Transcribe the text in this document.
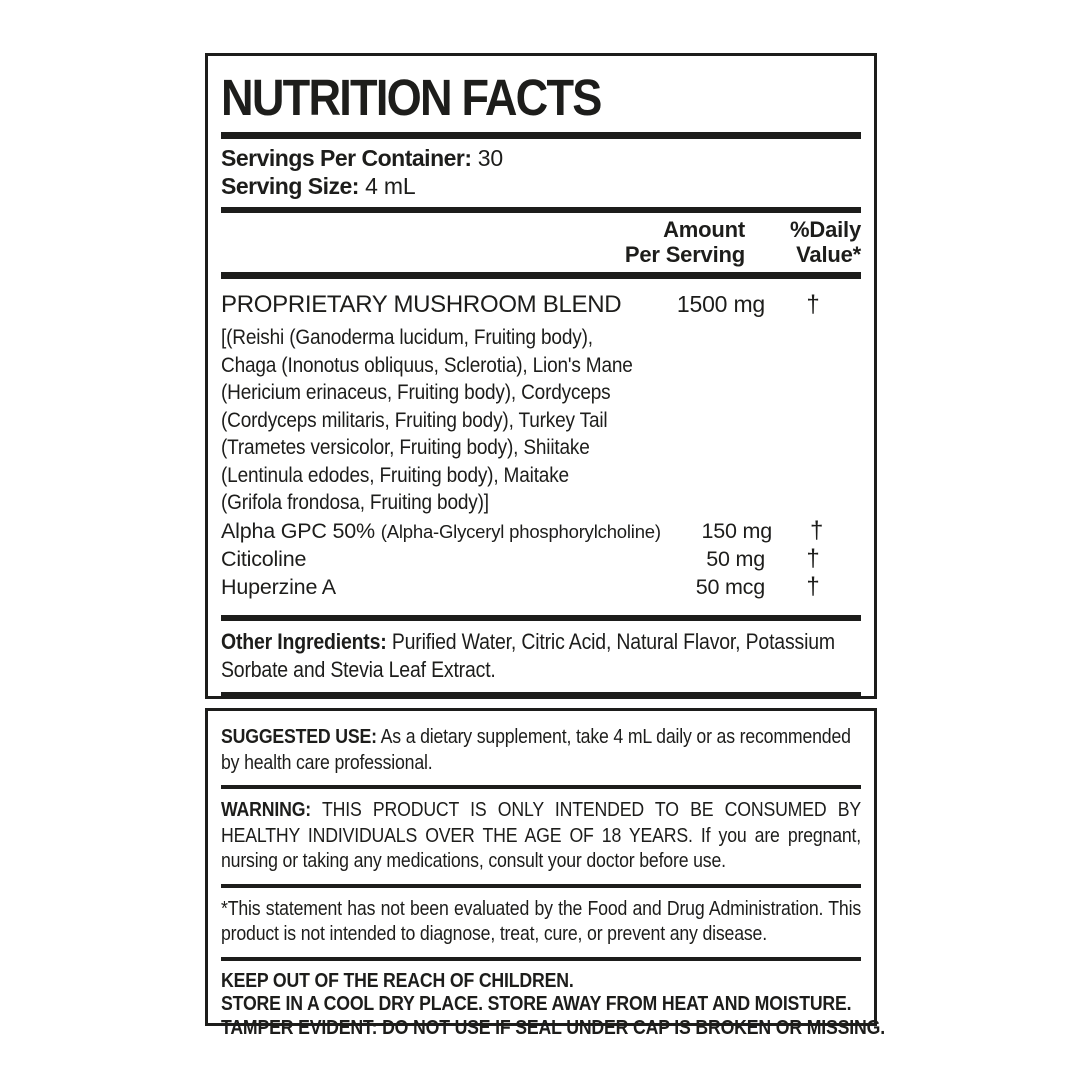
NUTRITION FACTS
Servings Per Container: 30
Serving Size: 4 mL
Amount
Per Serving
%Daily
Value*
PROPRIETARY MUSHROOM BLEND	1500 mg	†
[(Reishi (Ganoderma lucidum, Fruiting body),
Chaga (Inonotus obliquus, Sclerotia), Lion's Mane
(Hericium erinaceus, Fruiting body), Cordyceps
(Cordyceps militaris, Fruiting body), Turkey Tail
(Trametes versicolor, Fruiting body), Shiitake
(Lentinula edodes, Fruiting body), Maitake
(Grifola frondosa, Fruiting body)]
Alpha GPC 50% (Alpha-Glyceryl phosphorylcholine)	150 mg	†
Citicoline	50 mg	†
Huperzine A	50 mcg	†
Other Ingredients: Purified Water, Citric Acid, Natural Flavor, Potassium Sorbate and Stevia Leaf Extract.
SUGGESTED USE: As a dietary supplement, take 4 mL daily or as recommended by health care professional.
WARNING: THIS PRODUCT IS ONLY INTENDED TO BE CONSUMED BY HEALTHY INDIVIDUALS OVER THE AGE OF 18 YEARS. If you are pregnant, nursing or taking any medications, consult your doctor before use.
*This statement has not been evaluated by the Food and Drug Administration. This product is not intended to diagnose, treat, cure, or prevent any disease.
KEEP OUT OF THE REACH OF CHILDREN.
STORE IN A COOL DRY PLACE. STORE AWAY FROM HEAT AND MOISTURE.
TAMPER EVIDENT: DO NOT USE IF SEAL UNDER CAP IS BROKEN OR MISSING.
